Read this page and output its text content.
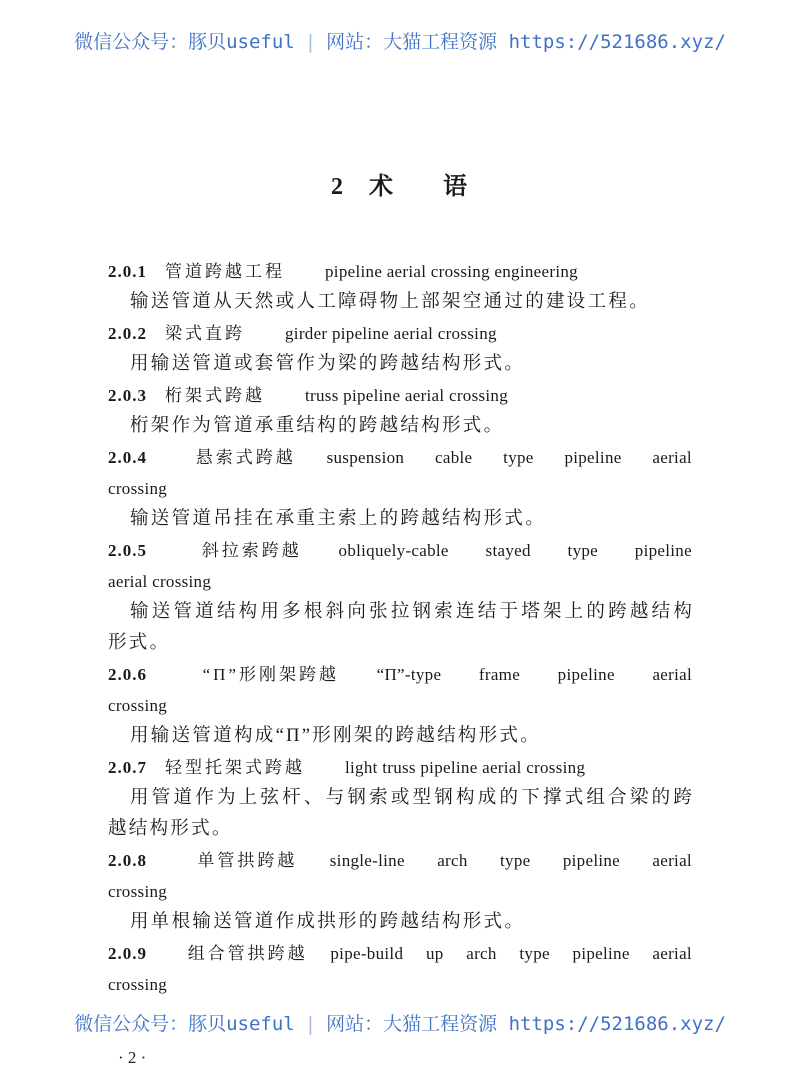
微信公众号：豚贝useful | 网站：大猫工程资源 https://521686.xyz/
2 术 语
2.0.1 管道跨越工程 pipeline aerial crossing engineering
输送管道从天然或人工障碍物上部架空通过的建设工程。
2.0.2 梁式直跨 girder pipeline aerial crossing
用输送管道或套管作为梁的跨越结构形式。
2.0.3 桁架式跨越 truss pipeline aerial crossing
桁架作为管道承重结构的跨越结构形式。
2.0.4	悬索式跨越 suspension cable type pipeline aerial
crossing
输送管道吊挂在承重主索上的跨越结构形式。
2.0.5	斜拉索跨越 obliquely-cable stayed type pipeline
aerial crossing
输 送 管 道 结 构 用 多 根 斜 向 张 拉 钢 索 连 结 于 塔 架 上 的 跨 越 结 构
形式。
2.0.6	“Π”形刚架跨越 “Π”-type frame pipeline aerial
crossing
用输送管道构成“Π”形刚架的跨越结构形式。
2.0.7 轻型托架式跨越 light truss pipeline aerial crossing
用 管 道 作 为 上 弦 杆 、 与 钢 索 或 型 钢 构 成 的 下 撑 式 组 合 梁 的 跨
越结构形式。
2.0.8	单管拱跨越 single-line arch type pipeline aerial
crossing
用单根输送管道作成拱形的跨越结构形式。
2.0.9 组合管拱跨越 pipe-build up arch type pipeline aerial
crossing
微信公众号：豚贝useful | 网站：大猫工程资源 https://521686.xyz/
· 2 ·
